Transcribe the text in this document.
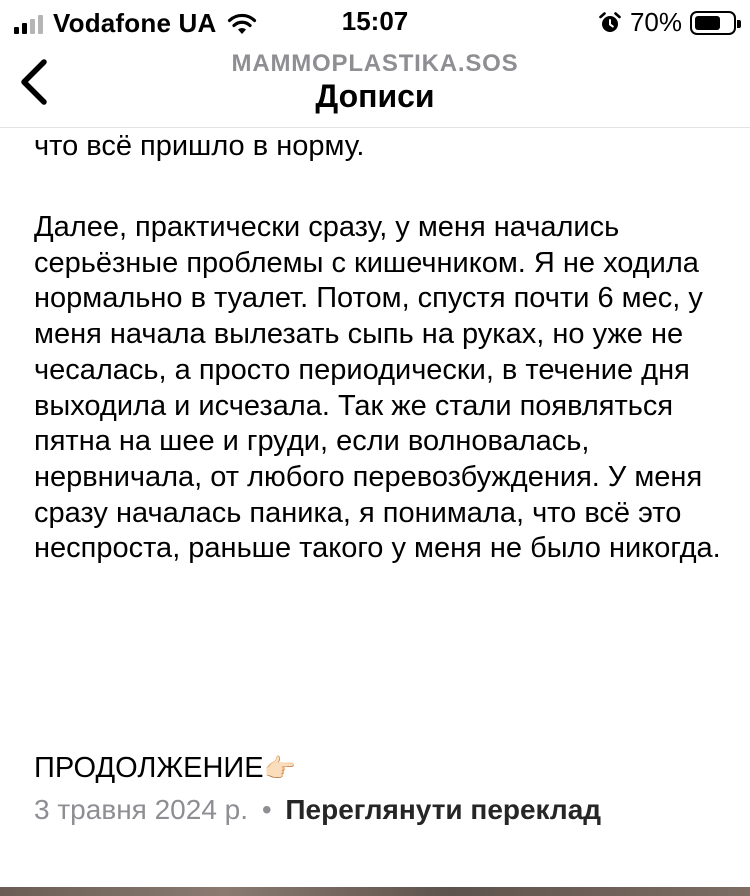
Vodafone UA	15:07	70%
MAMMOPLASTIKA.SOS
Дописи
что всё пришло в норму.
Далее, практически сразу, у меня начались серьёзные проблемы с кишечником. Я не ходила нормально в туалет. Потом, спустя почти 6 мес, у меня начала вылезать сыпь на руках, но уже не чесалась, а просто периодически, в течение дня выходила и исчезала. Так же стали появляться пятна на шее и груди, если волновалась, нервничала, от любого перевозбуждения. У меня сразу началась паника, я понимала, что всё это неспроста, раньше такого у меня не было никогда.
ПРОДОЛЖЕНИЕ👉🏻
3 травня 2024 р. • Переглянути переклад
